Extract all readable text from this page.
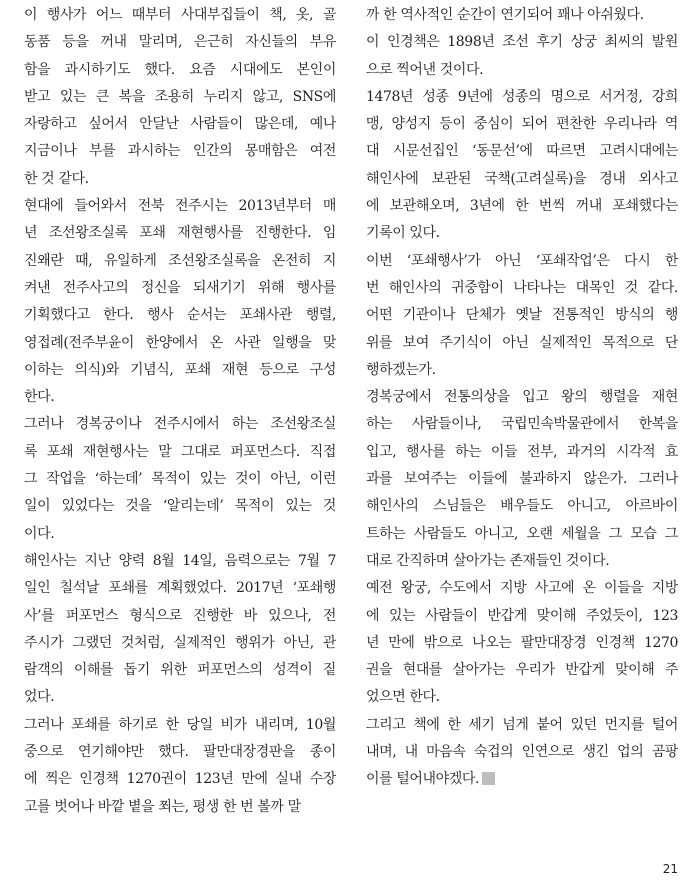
이 행사가 어느 때부터 사대부집들이 책, 옷, 골
동품 등을 꺼내 말리며, 은근히 자신들의 부유
함을 과시하기도 했다. 요즘 시대에도 본인이
받고 있는 큰 복을 조용히 누리지 않고, SNS에
자랑하고 싶어서 안달난 사람들이 많은데, 예나
지금이나 부를 과시하는 인간의 몽매함은 여전
한 것 같다.
현대에 들어와서 전북 전주시는 2013년부터 매
년 조선왕조실록 포쇄 재현행사를 진행한다. 임
진왜란 때, 유일하게 조선왕조실록을 온전히 지
켜낸 전주사고의 정신을 되새기기 위해 행사를
기획했다고 한다. 행사 순서는 포쇄사관 행렬,
영접례(전주부윤이 한양에서 온 사관 일행을 맞
이하는 의식)와 기념식, 포쇄 재현 등으로 구성
한다.
그러나 경복궁이나 전주시에서 하는 조선왕조실
록 포쇄 재현행사는 말 그대로 퍼포먼스다. 직접
그 작업을 ‘하는데’ 목적이 있는 것이 아닌, 이런
일이 있었다는 것을 ‘알리는데’ 목적이 있는 것
이다.
해인사는 지난 양력 8월 14일, 음력으로는 7월 7
일인 칠석날 포쇄를 계획했었다. 2017년 ‘포쇄행
사’를 퍼포먼스 형식으로 진행한 바 있으나, 전
주시가 그랬던 것처럼, 실제적인 행위가 아닌, 관
람객의 이해를 돕기 위한 퍼포먼스의 성격이 짙
었다.
그러나 포쇄를 하기로 한 당일 비가 내리며, 10월
중으로 연기해야만 했다. 팔만대장경판을 종이
에 찍은 인경책 1270권이 123년 만에 실내 수장
고를 벗어나 바깥 볕을 쬐는, 평생 한 번 볼까 말
까 한 역사적인 순간이 연기되어 꽤나 아쉬웠다.
이 인경책은 1898년 조선 후기 상궁 최씨의 발원
으로 찍어낸 것이다.
1478년 성종 9년에 성종의 명으로 서거정, 강희
맹, 양성지 등이 중심이 되어 편찬한 우리나라 역
대 시문선집인 ‘동문선’에 따르면 고려시대에는
해인사에 보관된 국책(고려실록)을 경내 외사고
에 보관해오며, 3년에 한 번씩 꺼내 포쇄했다는
기록이 있다.
이번 ‘포쇄행사’가 아닌 ‘포쇄작업’은 다시 한
번 해인사의 귀중함이 나타나는 대목인 것 같다.
어떤 기관이나 단체가 옛날 전통적인 방식의 행
위를 보여 주기식이 아닌 실제적인 목적으로 단
행하겠는가.
경복궁에서 전통의상을 입고 왕의 행렬을 재현
하는 사람들이나, 국립민속박물관에서 한복을
입고, 행사를 하는 이들 전부, 과거의 시각적 효
과를 보여주는 이들에 불과하지 않은가. 그러나
해인사의 스님들은 배우들도 아니고, 아르바이
트하는 사람들도 아니고, 오랜 세월을 그 모습 그
대로 간직하며 살아가는 존재들인 것이다.
예전 왕궁, 수도에서 지방 사고에 온 이들을 지방
에 있는 사람들이 반갑게 맞이해 주었듯이, 123
년 만에 밖으로 나오는 팔만대장경 인경책 1270
권을 현대를 살아가는 우리가 반갑게 맞이해 주
었으면 한다.
그리고 책에 한 세기 넘게 붙어 있던 먼지를 털어
내며, 내 마음속 숙겁의 인연으로 생긴 업의 곰팡
이를 털어내야겠다.
21
